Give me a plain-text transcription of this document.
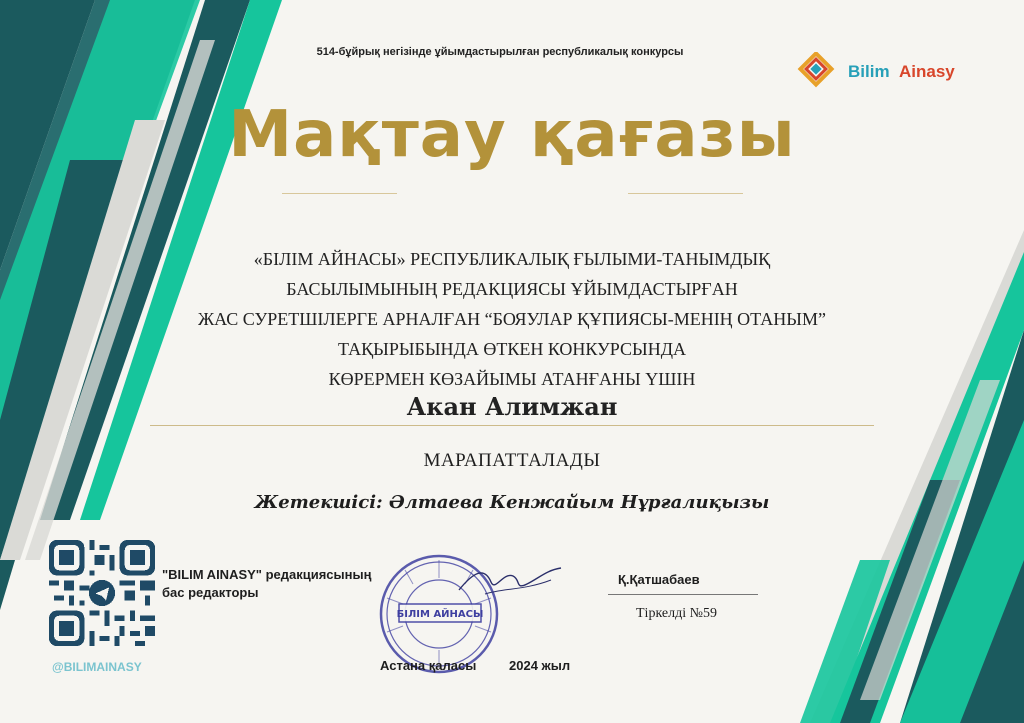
514-бұйрық негізінде ұйымдастырылған республикалық конкурсы
Bilim Ainasy
Мақтау қағазы
«БІЛІМ АЙНАСЫ» РЕСПУБЛИКАЛЫҚ ҒЫЛЫМИ-ТАНЫМДЫҚ
БАСЫЛЫМЫНЫҢ РЕДАКЦИЯСЫ ҰЙЫМДАСТЫРҒАН
ЖАС СУРЕТШІЛЕРГЕ АРНАЛҒАН “БОЯУЛАР ҚҰПИЯСЫ-МЕНІҢ ОТАНЫМ”
ТАҚЫРЫБЫНДА ӨТКЕН КОНКУРСЫНДА
КӨРЕРМЕН КӨЗАЙЫМЫ АТАНҒАНЫ ҮШІН
Акан Алимжан
МАРАПАТТАЛАДЫ
Жетекшісі: Әлтаева Кенжайым Нұрғалиқызы
@BILIMAINASY
"BILIM AINASY" редакциясының
бас редакторы
БІЛІМ АЙНАСЫ
Қ.Қатшабаев
Тіркелді №59
Астана қаласы	2024 жыл
